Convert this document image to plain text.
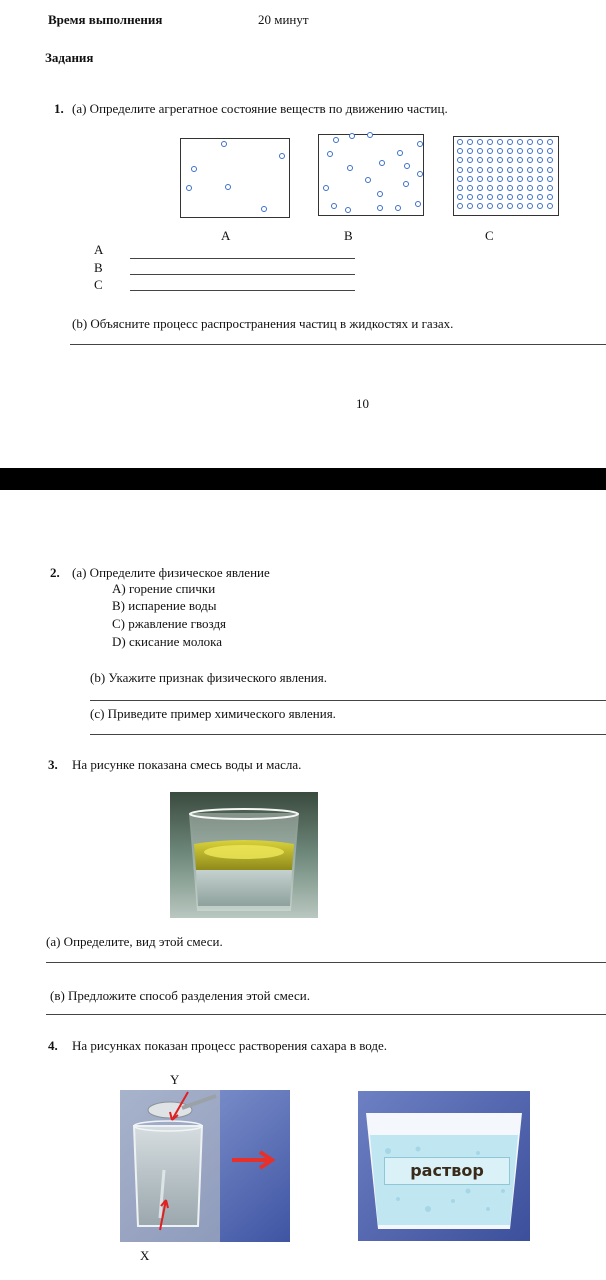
Время выполнения	20 минут
Задания
1. (а) Определите агрегатное состояние веществ по движению частиц.
A	B	C
A
B
C
(b) Объясните процесс распространения частиц в жидкостях и газах.
10
2. (а) Определите физическое явление
A) горение спички
B) испарение воды
C) ржавление гвоздя
D) скисание молока
(b) Укажите признак физического явления.
(с) Приведите пример химического явления.
3. На рисунке показана смесь воды и масла.
(а) Определите, вид этой смеси.
(в) Предложите способ разделения этой смеси.
4. На рисунках показан процесс растворения сахара в воде.
Y
X
раствор
